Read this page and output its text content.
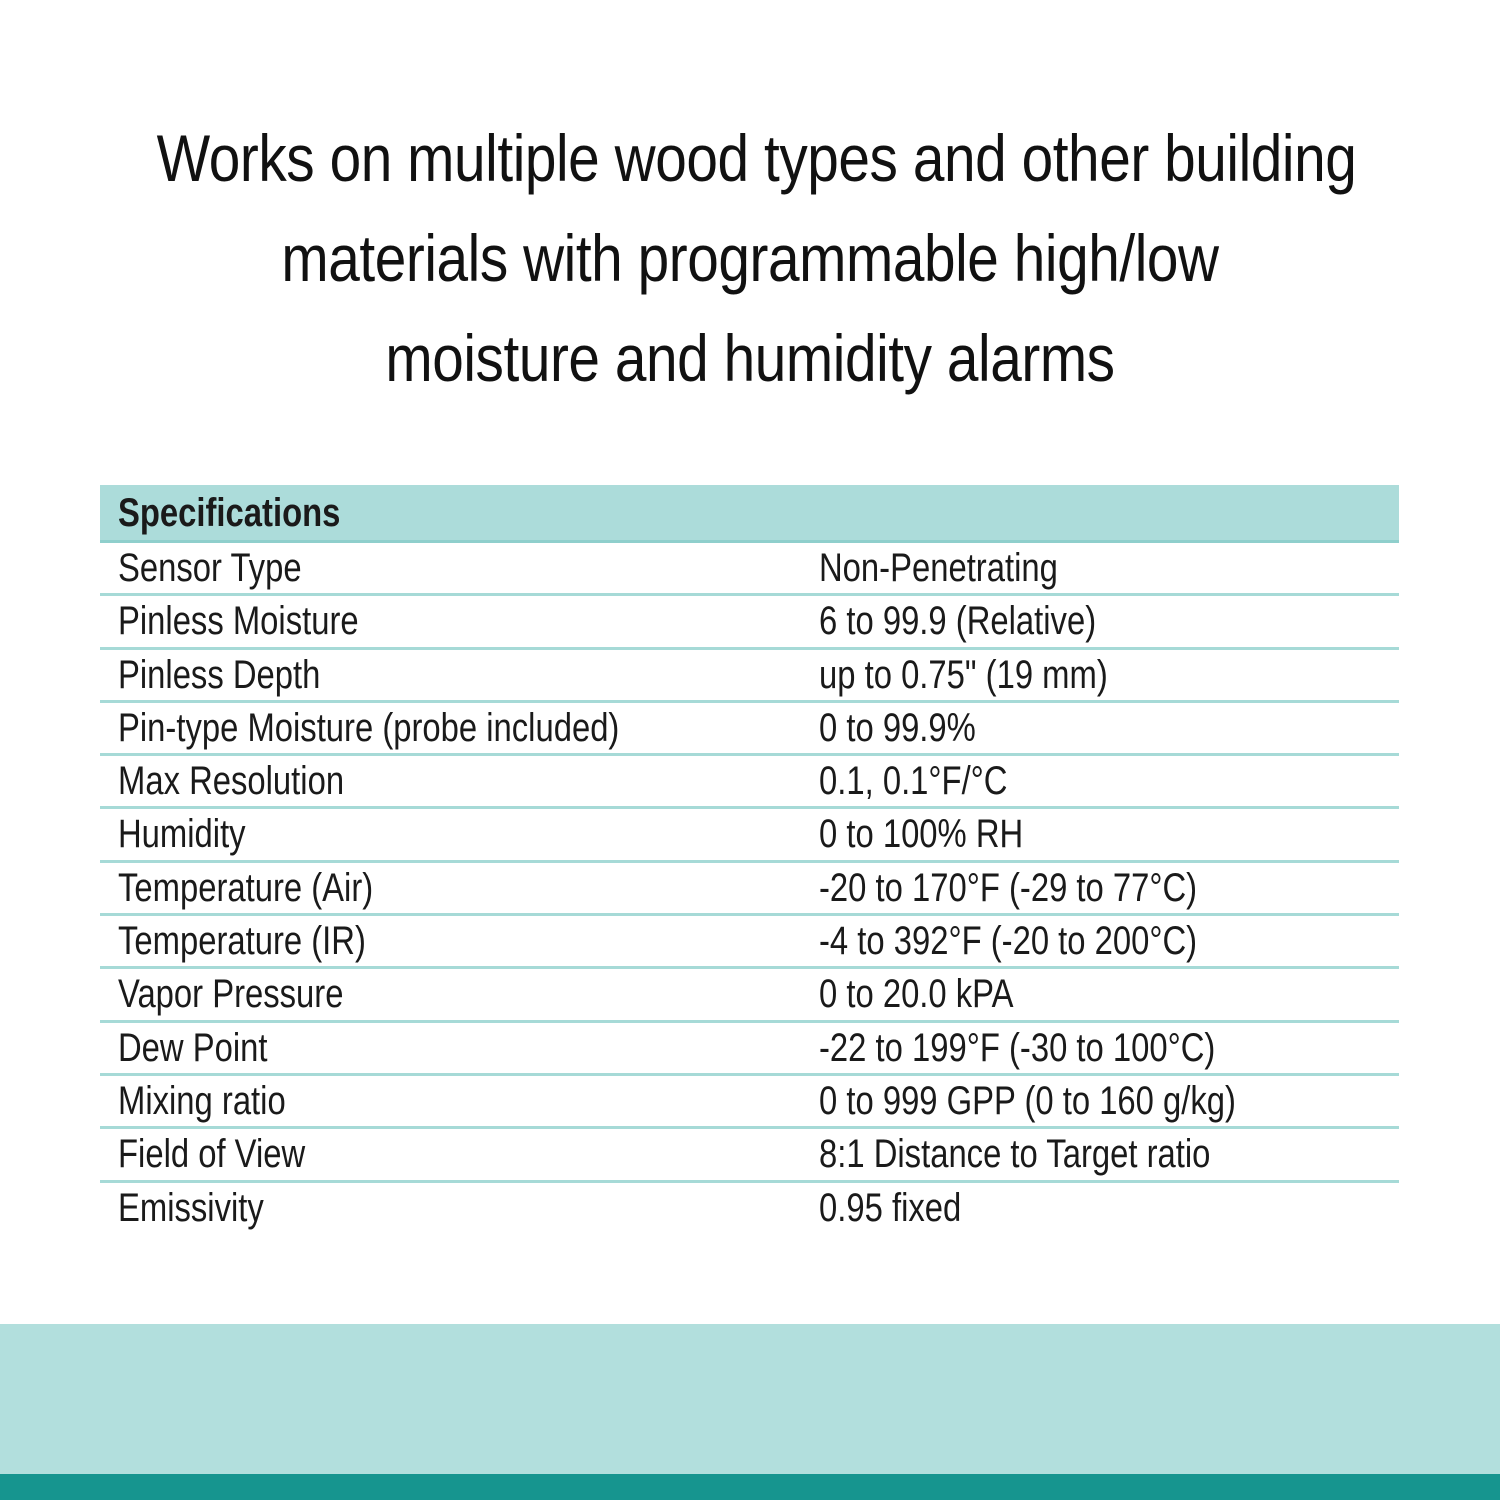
Works on multiple wood types and other building
materials with programmable high/low
moisture and humidity alarms
Specifications
Sensor Type	Non-Penetrating
Pinless Moisture	6 to 99.9 (Relative)
Pinless Depth	up to 0.75" (19 mm)
Pin-type Moisture (probe included)	0 to 99.9%
Max Resolution	0.1, 0.1°F/°C
Humidity	0 to 100% RH
Temperature (Air)	-20 to 170°F (-29 to 77°C)
Temperature (IR)	-4 to 392°F (-20 to 200°C)
Vapor Pressure	0 to 20.0 kPA
Dew Point	-22 to 199°F (-30 to 100°C)
Mixing ratio	0 to 999 GPP (0 to 160 g/kg)
Field of View	8:1 Distance to Target ratio
Emissivity	0.95 fixed
